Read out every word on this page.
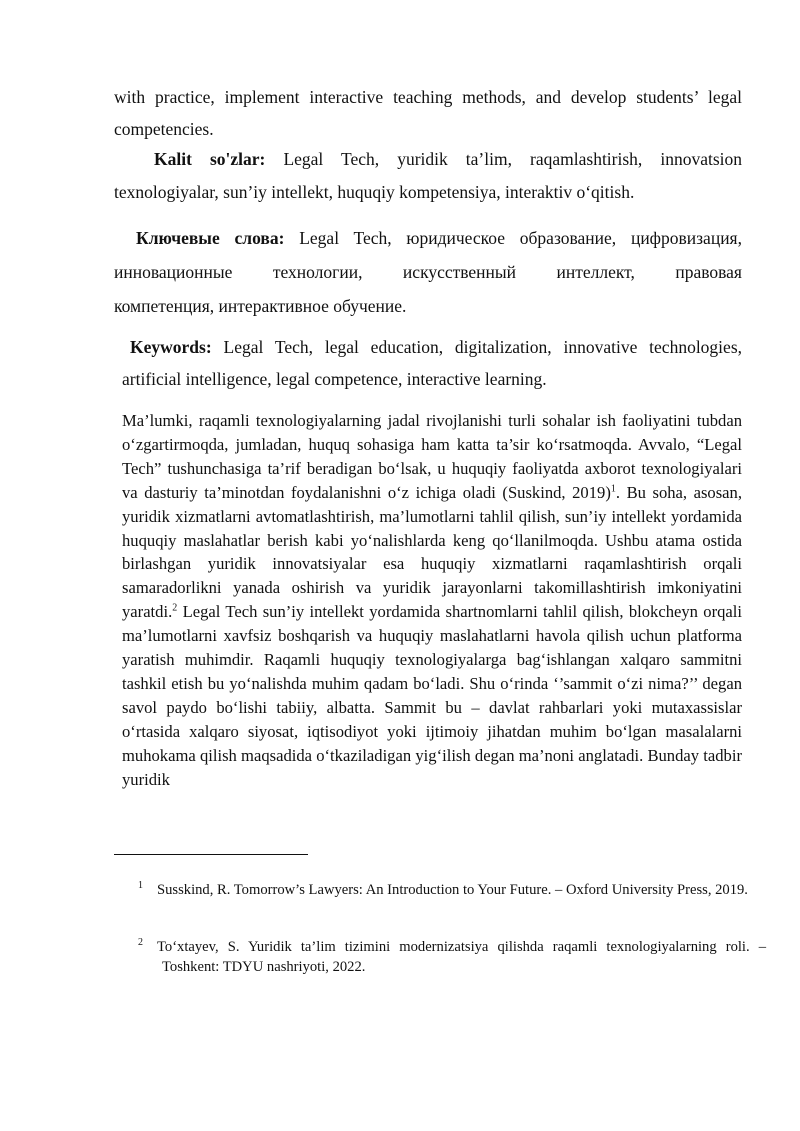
with practice, implement interactive teaching methods, and develop students’ legal
competencies.

Kalit so'zlar: Legal Tech, yuridik ta’lim, raqamlashtirish, innovatsion texnologiyalar, sun’iy intellekt, huquqiy kompetensiya, interaktiv o‘qitish.

Ключевые слова: Legal Tech, юридическое образование, цифровизация,
инновационные технологии, искусственный интеллект, правовая
компетенция, интерактивное обучение.

Keywords: Legal Tech, legal education, digitalization, innovative technologies, artificial intelligence, legal competence, interactive learning.

Ma’lumki, raqamli texnologiyalarning jadal rivojlanishi turli sohalar ish faoliyatini tubdan o‘zgartirmoqda, jumladan, huquq sohasiga ham katta ta’sir ko‘rsatmoqda. Avvalo, “Legal Tech” tushunchasiga ta’rif beradigan bo‘lsak, u huquqiy faoliyatda axborot texnologiyalari va dasturiy ta’minotdan foydalanishni o‘z ichiga oladi (Suskind, 2019)$^1$. Bu soha, asosan, yuridik xizmatlarni avtomatlashtirish, ma’lumotlarni tahlil qilish, sun’iy intellekt yordamida huquqiy maslahatlar berish kabi yo‘nalishlarda keng qo‘llanilmoqda. Ushbu atama ostida birlashgan yuridik innovatsiyalar esa huquqiy xizmatlarni raqamlashtirish orqali samaradorlikni yanada oshirish va yuridik jarayonlarni takomillashtirish imkoniyatini yaratdi.$^2$ Legal Tech sun’iy intellekt yordamida shartnomlarni tahlil qilish, blokcheyn orqali ma’lumotlarni xavfsiz boshqarish va huquqiy maslahatlarni havola qilish uchun platforma yaratish muhimdir. Raqamli huquqiy texnologiyalarga bag‘ishlangan xalqaro sammitni tashkil etish bu yo‘nalishda muhim qadam bo‘ladi. Shu o‘rinda ‘’sammit o‘zi nima?’’ degan savol paydo bo‘lishi tabiiy, albatta. Sammit bu – davlat rahbarlari yoki mutaxassislar o‘rtasida xalqaro siyosat, iqtisodiyot yoki ijtimoiy jihatdan muhim bo‘lgan masalalarni muhokama qilish maqsadida o‘tkaziladigan yig‘ilish degan ma’noni anglatadi. Bunday tadbir yuridik

$^1$ Susskind, R. Tomorrow’s Lawyers: An Introduction to Your Future. – Oxford University Press, 2019.
$^2$ To‘xtayev, S. Yuridik ta’lim tizimini modernizatsiya qilishda raqamli texnologiyalarning roli. – Toshkent: TDYU nashriyoti, 2022.
